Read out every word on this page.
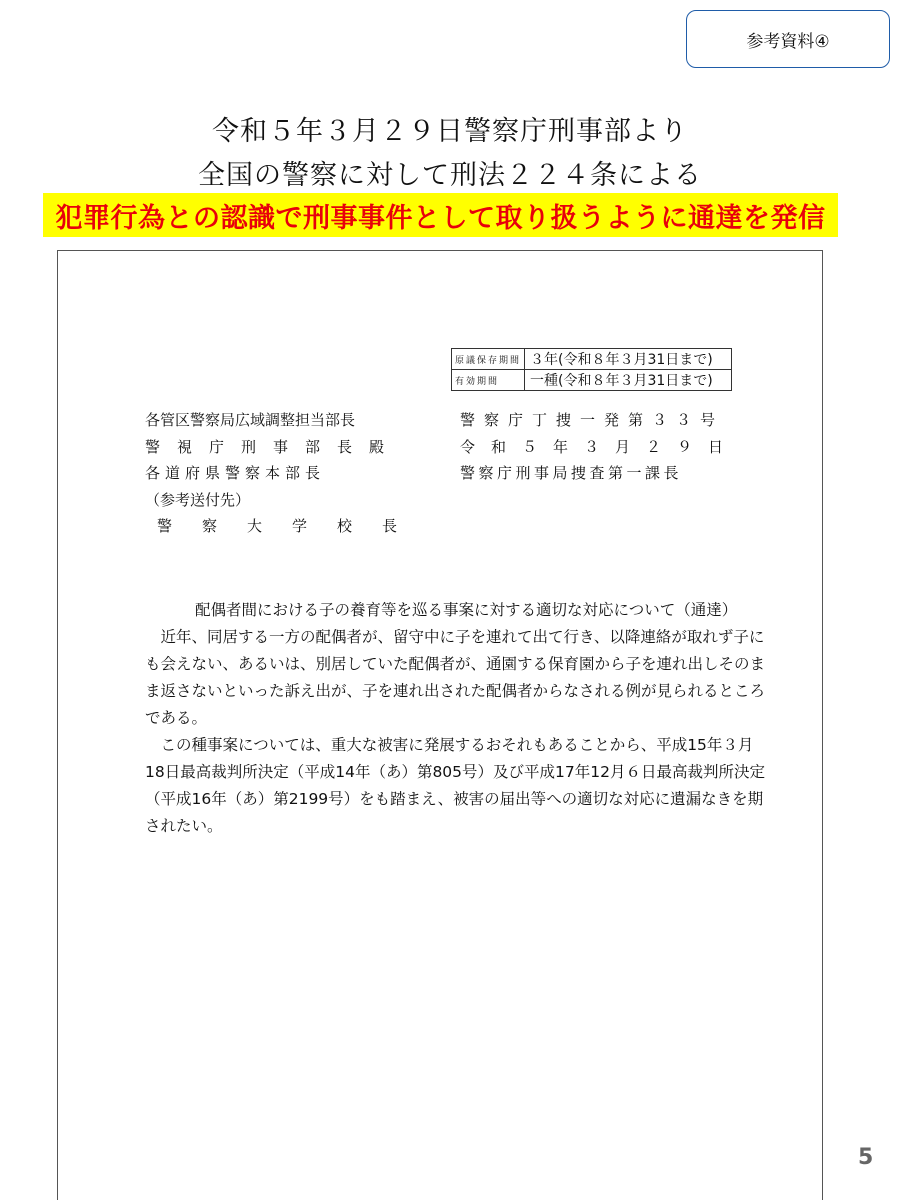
参考資料④
令和５年３月２９日警察庁刑事部より
全国の警察に対して刑法２２４条による
犯罪行為との認識で刑事事件として取り扱うように通達を発信
原議保存期間	３年(令和８年３月31日まで)
有効期間	一種(令和８年３月31日まで)
各管区警察局広域調整担当部長
警視庁刑事部長殿
各道府県警察本部長
（参考送付先）
警察大学校長
警察庁丁捜一発第３３号
令和５年３月２９日
警察庁刑事局捜査第一課長

配偶者間における子の養育等を巡る事案に対する適切な対応について（通達）

近年、同居する一方の配偶者が、留守中に子を連れて出て行き、以降連絡が取れず子にも会えない、あるいは、別居していた配偶者が、通園する保育園から子を連れ出しそのまま返さないといった訴え出が、子を連れ出された配偶者からなされる例が見られるところである。

この種事案については、重大な被害に発展するおそれもあることから、平成15年３月18日最高裁判所決定（平成14年（あ）第805号）及び平成17年12月６日最高裁判所決定（平成16年（あ）第2199号）をも踏まえ、被害の届出等への適切な対応に遺漏なきを期されたい。

5
